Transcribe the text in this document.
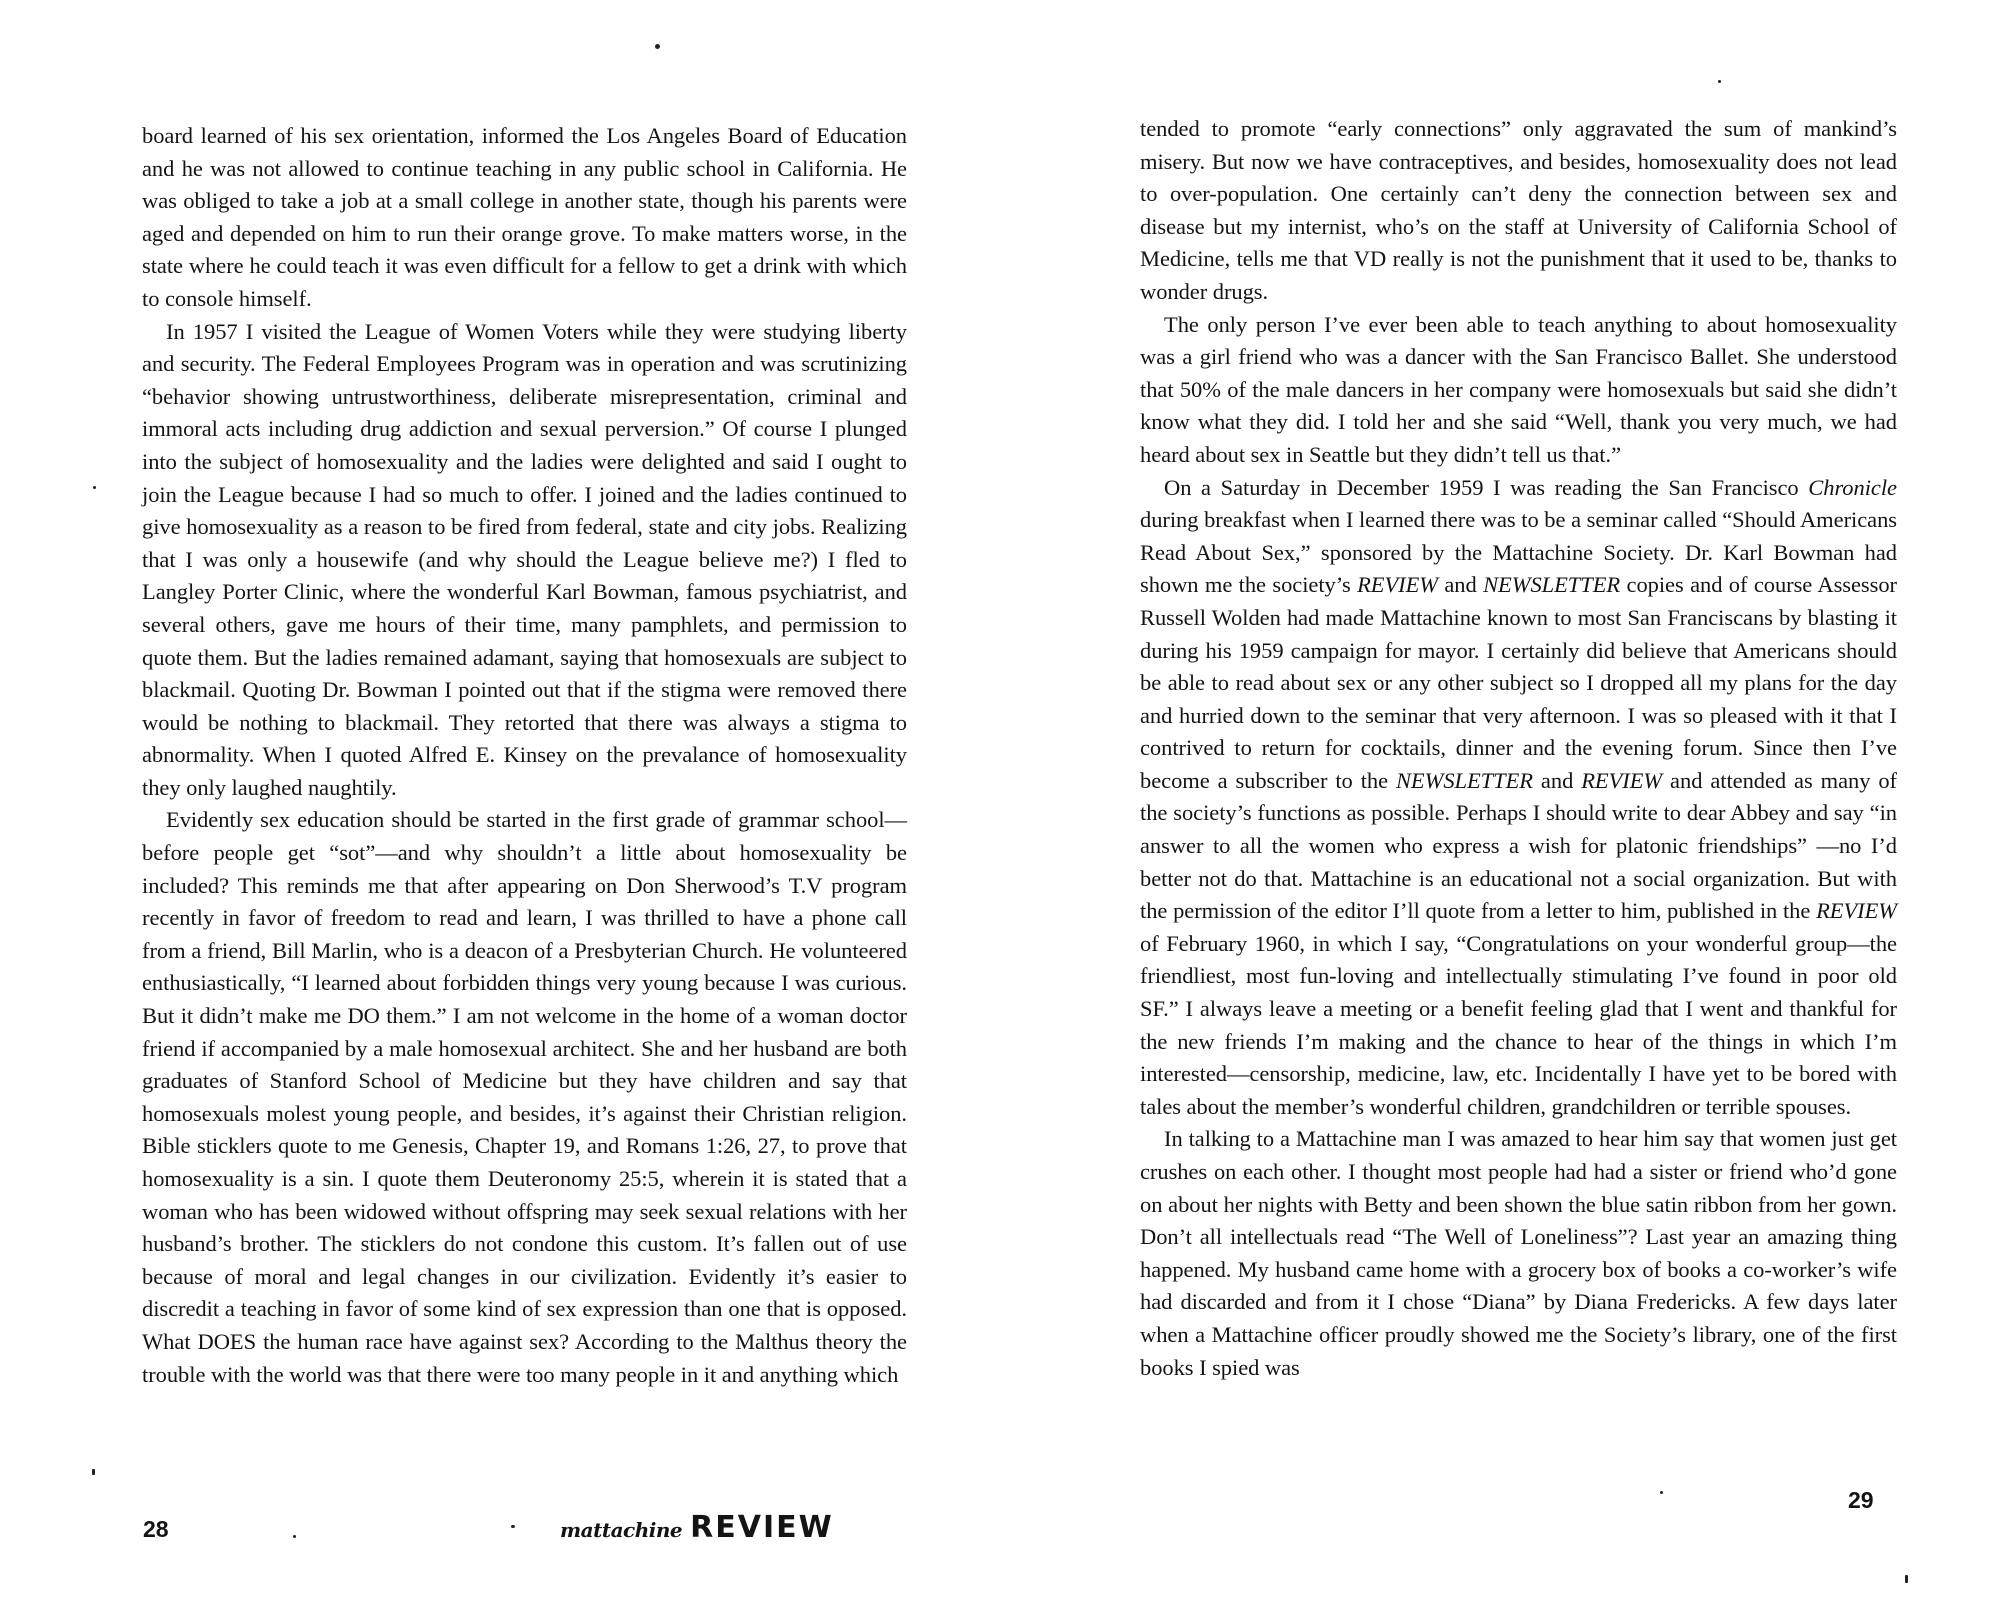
board learned of his sex orientation, informed the Los Angeles Board of Education and he was not allowed to continue teaching in any public school in California. He was obliged to take a job at a small college in another state, though his parents were aged and depended on him to run their orange grove. To make matters worse, in the state where he could teach it was even difficult for a fellow to get a drink with which to console himself.

In 1957 I visited the League of Women Voters while they were studying liberty and security. The Federal Employees Program was in operation and was scrutinizing “behavior showing untrustworthiness, deliberate misrepresentation, criminal and immoral acts including drug addiction and sexual perversion.” Of course I plunged into the subject of homosexuality and the ladies were delighted and said I ought to join the League because I had so much to offer. I joined and the ladies continued to give homosexuality as a reason to be fired from federal, state and city jobs. Realizing that I was only a housewife (and why should the League believe me?) I fled to Langley Porter Clinic, where the wonderful Karl Bowman, famous psychiatrist, and several others, gave me hours of their time, many pamphlets, and permission to quote them. But the ladies remained adamant, saying that homosexuals are subject to blackmail. Quoting Dr. Bowman I pointed out that if the stigma were removed there would be nothing to blackmail. They retorted that there was always a stigma to abnormality. When I quoted Alfred E. Kinsey on the prevalance of homosexuality they only laughed naughtily.

Evidently sex education should be started in the first grade of grammar school—before people get “sot”—and why shouldn’t a little about homosexuality be included? This reminds me that after appearing on Don Sherwood’s T.V program recently in favor of freedom to read and learn, I was thrilled to have a phone call from a friend, Bill Marlin, who is a deacon of a Presbyterian Church. He volunteered enthusiastically, “I learned about forbidden things very young because I was curious. But it didn’t make me DO them.” I am not welcome in the home of a woman doctor friend if accompanied by a male homosexual architect. She and her husband are both graduates of Stanford School of Medicine but they have children and say that homosexuals molest young people, and besides, it’s against their Christian religion. Bible sticklers quote to me Genesis, Chapter 19, and Romans 1:26, 27, to prove that homosexuality is a sin. I quote them Deuteronomy 25:5, wherein it is stated that a woman who has been widowed without offspring may seek sexual relations with her husband’s brother. The sticklers do not condone this custom. It’s fallen out of use because of moral and legal changes in our civilization. Evidently it’s easier to discredit a teaching in favor of some kind of sex expression than one that is opposed. What DOES the human race have against sex? According to the Malthus theory the trouble with the world was that there were too many people in it and anything which

28	mattachine REVIEW

tended to promote “early connections” only aggravated the sum of mankind’s misery. But now we have contraceptives, and besides, homosexuality does not lead to over-population. One certainly can’t deny the connection between sex and disease but my internist, who’s on the staff at University of California School of Medicine, tells me that VD really is not the punishment that it used to be, thanks to wonder drugs.

The only person I’ve ever been able to teach anything to about homosexuality was a girl friend who was a dancer with the San Francisco Ballet. She understood that 50% of the male dancers in her company were homosexuals but said she didn’t know what they did. I told her and she said “Well, thank you very much, we had heard about sex in Seattle but they didn’t tell us that.”

On a Saturday in December 1959 I was reading the San Francisco Chronicle during breakfast when I learned there was to be a seminar called “Should Americans Read About Sex,” sponsored by the Mattachine Society. Dr. Karl Bowman had shown me the society’s REVIEW and NEWSLETTER copies and of course Assessor Russell Wolden had made Mattachine known to most San Franciscans by blasting it during his 1959 campaign for mayor. I certainly did believe that Americans should be able to read about sex or any other subject so I dropped all my plans for the day and hurried down to the seminar that very afternoon. I was so pleased with it that I contrived to return for cocktails, dinner and the evening forum. Since then I’ve become a subscriber to the NEWSLETTER and REVIEW and attended as many of the society’s functions as possible. Perhaps I should write to dear Abbey and say “in answer to all the women who express a wish for platonic friendships” —no I’d better not do that. Mattachine is an educational not a social organization. But with the permission of the editor I’ll quote from a letter to him, published in the REVIEW of February 1960, in which I say, “Congratulations on your wonderful group—the friendliest, most fun-loving and intellectually stimulating I’ve found in poor old SF.” I always leave a meeting or a benefit feeling glad that I went and thankful for the new friends I’m making and the chance to hear of the things in which I’m interested—censorship, medicine, law, etc. Incidentally I have yet to be bored with tales about the member’s wonderful children, grandchildren or terrible spouses.

In talking to a Mattachine man I was amazed to hear him say that women just get crushes on each other. I thought most people had had a sister or friend who’d gone on about her nights with Betty and been shown the blue satin ribbon from her gown. Don’t all intellectuals read “The Well of Loneliness”? Last year an amazing thing happened. My husband came home with a grocery box of books a co-worker’s wife had discarded and from it I chose “Diana” by Diana Fredericks. A few days later when a Mattachine officer proudly showed me the Society’s library, one of the first books I spied was

29
